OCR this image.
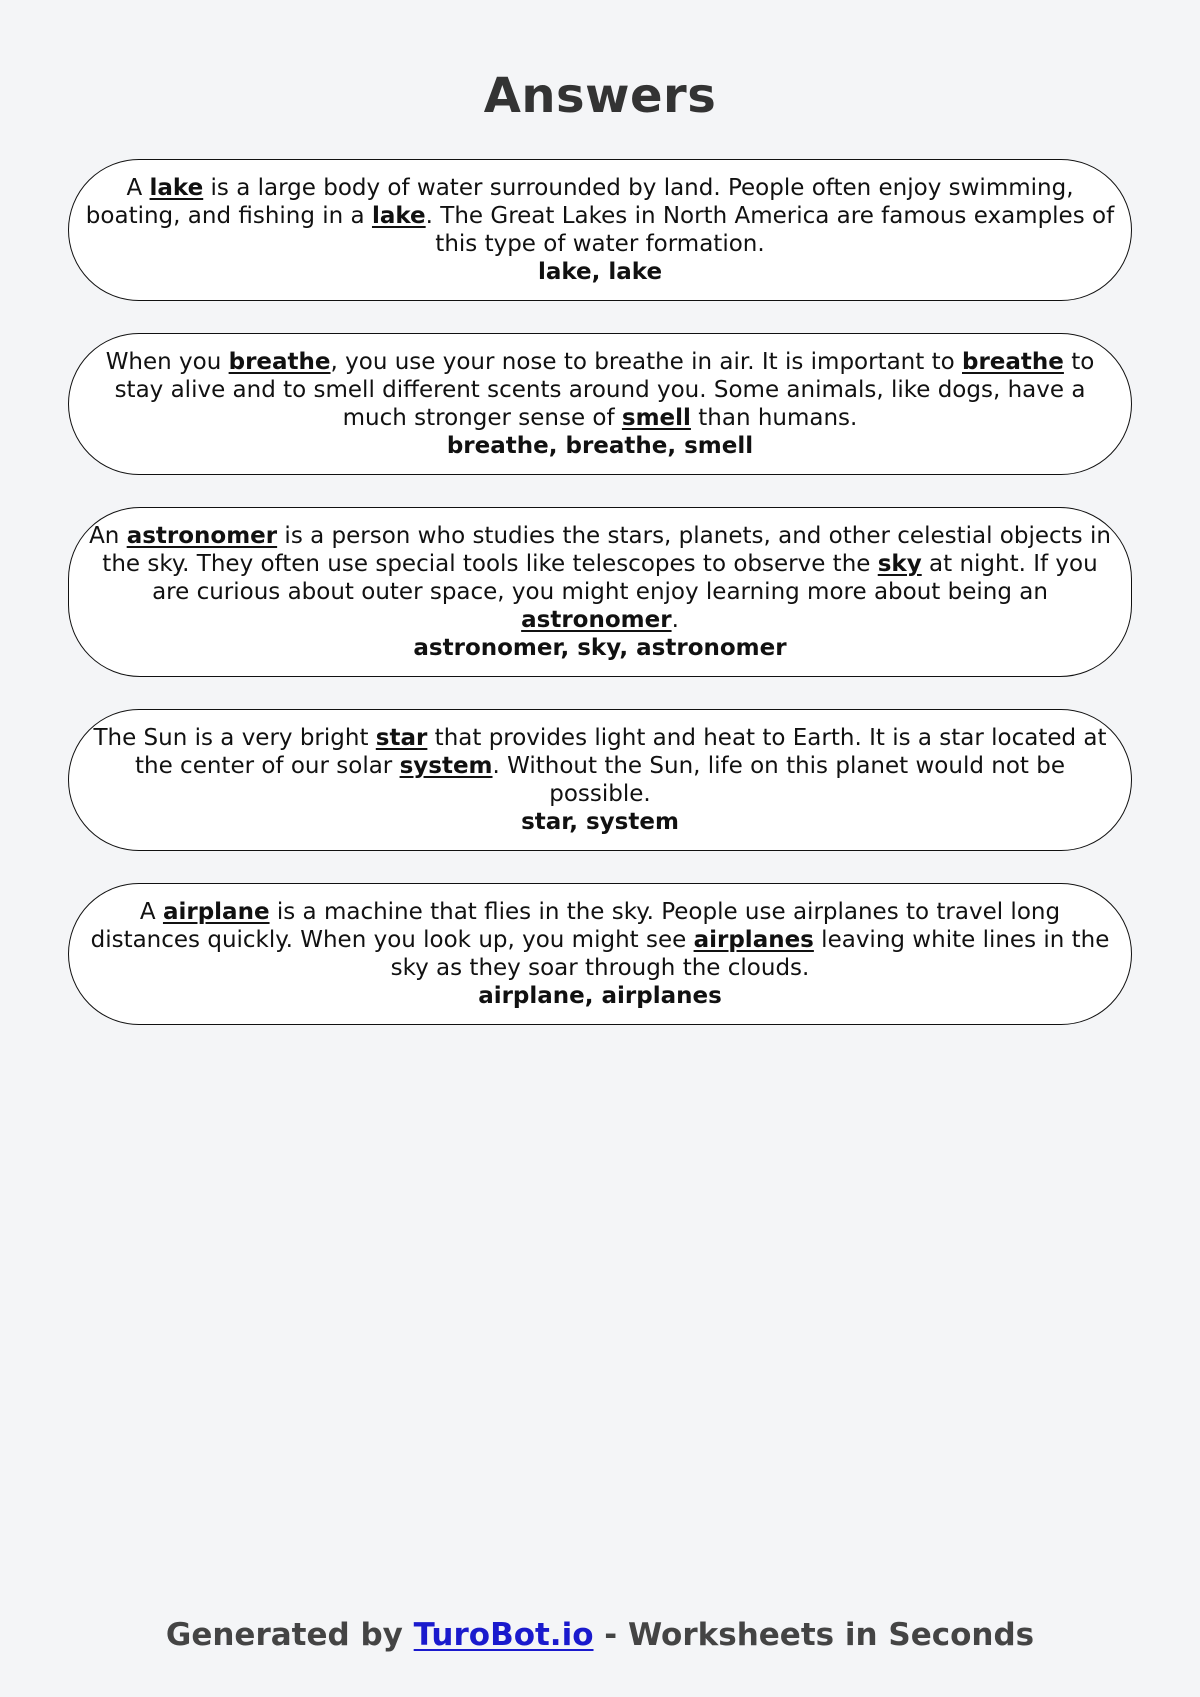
Answers

A lake is a large body of water surrounded by land. People often enjoy swimming, boating, and fishing in a lake. The Great Lakes in North America are famous examples of this type of water formation.

lake, lake

When you breathe, you use your nose to breathe in air. It is important to breathe to stay alive and to smell different scents around you. Some animals, like dogs, have a much stronger sense of smell than humans.

breathe, breathe, smell

An astronomer is a person who studies the stars, planets, and other celestial objects in the sky. They often use special tools like telescopes to observe the sky at night. If you are curious about outer space, you might enjoy learning more about being an astronomer.

astronomer, sky, astronomer

The Sun is a very bright star that provides light and heat to Earth. It is a star located at the center of our solar system. Without the Sun, life on this planet would not be possible.

star, system

A airplane is a machine that flies in the sky. People use airplanes to travel long distances quickly. When you look up, you might see airplanes leaving white lines in the sky as they soar through the clouds.

airplane, airplanes

Generated by TuroBot.io - Worksheets in Seconds
